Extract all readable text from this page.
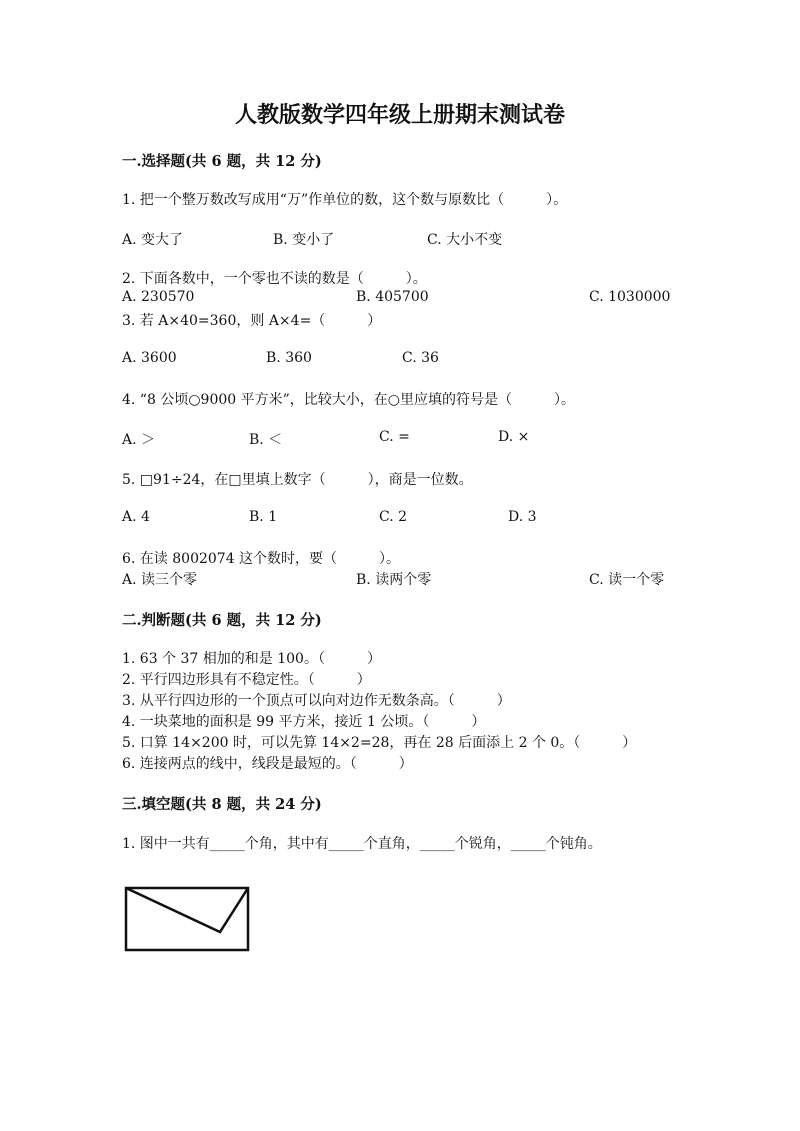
人教版数学四年级上册期末测试卷
一.选择题(共 6 题，共 12 分)
1. 把一个整万数改写成用“万”作单位的数，这个数与原数比（　　　）。
A. 变大了	B. 变小了	C. 大小不变
2. 下面各数中，一个零也不读的数是（　　　）。
A. 230570	B. 405700	C. 1030000
3. 若 A×40=360，则 A×4=（　　　）
A. 3600	B. 360	C. 36
4. “8 公顷○9000 平方米”，比较大小，在○里应填的符号是（　　　）。
A. ＞	B. ＜	C. =	D. ×
5. □91÷24，在□里填上数字（　　　），商是一位数。
A. 4	B. 1	C. 2	D. 3
6. 在读 8002074 这个数时，要（　　　）。
A. 读三个零	B. 读两个零	C. 读一个零
二.判断题(共 6 题，共 12 分)
1. 63 个 37 相加的和是 100。（　　　）
2. 平行四边形具有不稳定性。（　　　）
3. 从平行四边形的一个顶点可以向对边作无数条高。（　　　）
4. 一块菜地的面积是 99 平方米，接近 1 公顷。（　　　）
5. 口算 14×200 时，可以先算 14×2=28，再在 28 后面添上 2 个 0。（　　　）
6. 连接两点的线中，线段是最短的。（　　　）
三.填空题(共 8 题，共 24 分)
1. 图中一共有_____个角，其中有_____个直角，_____个锐角，_____个钝角。
